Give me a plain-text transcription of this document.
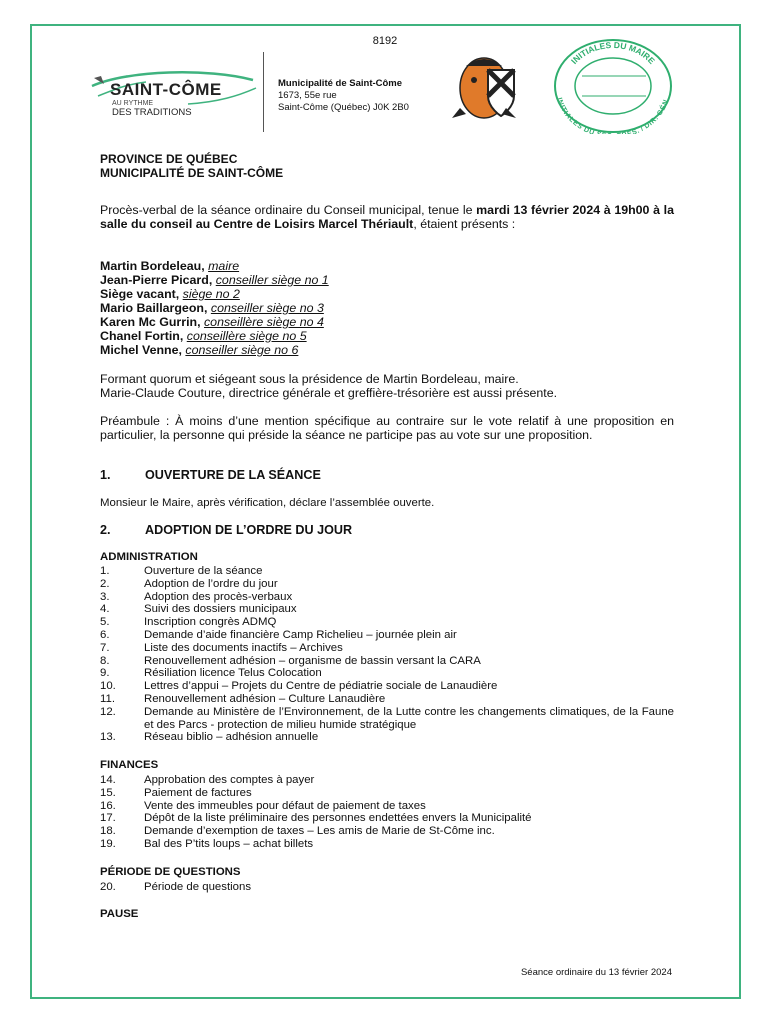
8192
SAINT-CÔME
AU RYTHME
DES TRADITIONS
Municipalité de Saint-Côme
1673, 55e rue
Saint-Côme (Québec) J0K 2B0
INITIALES DU MAIRE
INITIALES DU S. / DIR. GÉN.
PROVINCE DE QUÉBEC
MUNICIPALITÉ DE SAINT-CÔME
Procès-verbal de la séance ordinaire du Conseil municipal, tenue le mardi 13 février 2024 à 19h00 à la salle du conseil au Centre de Loisirs Marcel Thériault, étaient présents :
Martin Bordeleau, maire
Jean-Pierre Picard, conseiller siège no 1
Siège vacant, siège no 2
Mario Baillargeon, conseiller siège no 3
Karen Mc Gurrin, conseillère siège no 4
Chanel Fortin, conseillère siège no 5
Michel Venne, conseiller siège no 6
Formant quorum et siégeant sous la présidence de Martin Bordeleau, maire.
Marie-Claude Couture, directrice générale et greffière-trésorière est aussi présente.
Préambule : À moins d’une mention spécifique au contraire sur le vote relatif à une proposition en particulier, la personne qui préside la séance ne participe pas au vote sur une proposition.
1.	OUVERTURE DE LA SÉANCE
Monsieur le Maire, après vérification, déclare l’assemblée ouverte.
2.	ADOPTION DE L’ORDRE DU JOUR
ADMINISTRATION
1.	Ouverture de la séance
2.	Adoption de l’ordre du jour
3.	Adoption des procès-verbaux
4.	Suivi des dossiers municipaux
5.	Inscription congrès ADMQ
6.	Demande d’aide financière Camp Richelieu – journée plein air
7.	Liste des documents inactifs – Archives
8.	Renouvellement adhésion – organisme de bassin versant la CARA
9.	Résiliation licence Telus Colocation
10.	Lettres d’appui – Projets du Centre de pédiatrie sociale de Lanaudière
11.	Renouvellement adhésion – Culture Lanaudière
12.	Demande au Ministère de l’Environnement, de la Lutte contre les changements climatiques, de la Faune et des Parcs - protection de milieu humide stratégique
13.	Réseau biblio – adhésion annuelle
FINANCES
14.	Approbation des comptes à payer
15.	Paiement de factures
16.	Vente des immeubles pour défaut de paiement de taxes
17.	Dépôt de la liste préliminaire des personnes endettées envers la Municipalité
18.	Demande d’exemption de taxes – Les amis de Marie de St-Côme inc.
19.	Bal des P’tits loups – achat billets
PÉRIODE DE QUESTIONS
20.	Période de questions
PAUSE
Séance ordinaire du 13 février 2024
